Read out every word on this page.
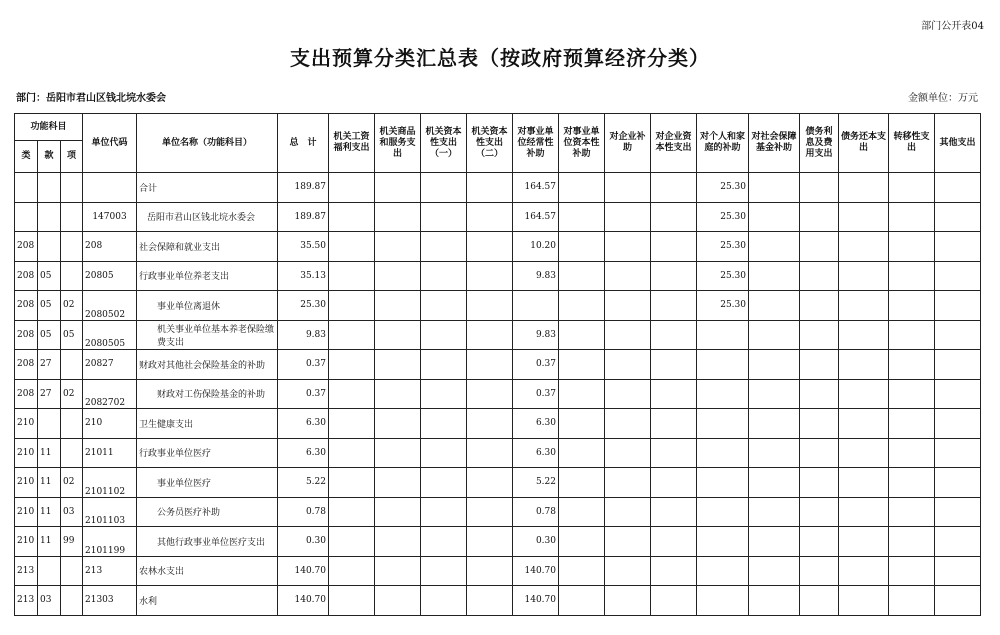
部门公开表04
支出预算分类汇总表（按政府预算经济分类）
部门：岳阳市君山区钱北垸水委会	金额单位：万元
功能科目			单位代码	单位名称（功能科目）	总　计	机关工资福利支出	机关商品和服务支出	机关资本性支出（一）	机关资本性支出（二）	对事业单位经常性补助	对事业单位资本性补助	对企业补助	对企业资本性支出	对个人和家庭的补助	对社会保障基金补助	债务利息及费用支出	债务还本支出	转移性支出	其他支出
类	款	项																	
				合计	189.87					164.57				25.30					
			147003	岳阳市君山区钱北垸水委会	189.87					164.57				25.30					
208			208	社会保障和就业支出	35.50					10.20				25.30					
208	05		20805	行政事业单位养老支出	35.13					9.83				25.30					
208	05	02	2080502	事业单位离退休	25.30									25.30					
208	05	05	2080505	机关事业单位基本养老保险缴费支出	9.83					9.83									
208	27		20827	财政对其他社会保险基金的补助	0.37					0.37									
208	27	02	2082702	财政对工伤保险基金的补助	0.37					0.37									
210			210	卫生健康支出	6.30					6.30									
210	11		21011	行政事业单位医疗	6.30					6.30									
210	11	02	2101102	事业单位医疗	5.22					5.22									
210	11	03	2101103	公务员医疗补助	0.78					0.78									
210	11	99	2101199	其他行政事业单位医疗支出	0.30					0.30									
213			213	农林水支出	140.70					140.70									
213	03		21303	水利	140.70					140.70									
